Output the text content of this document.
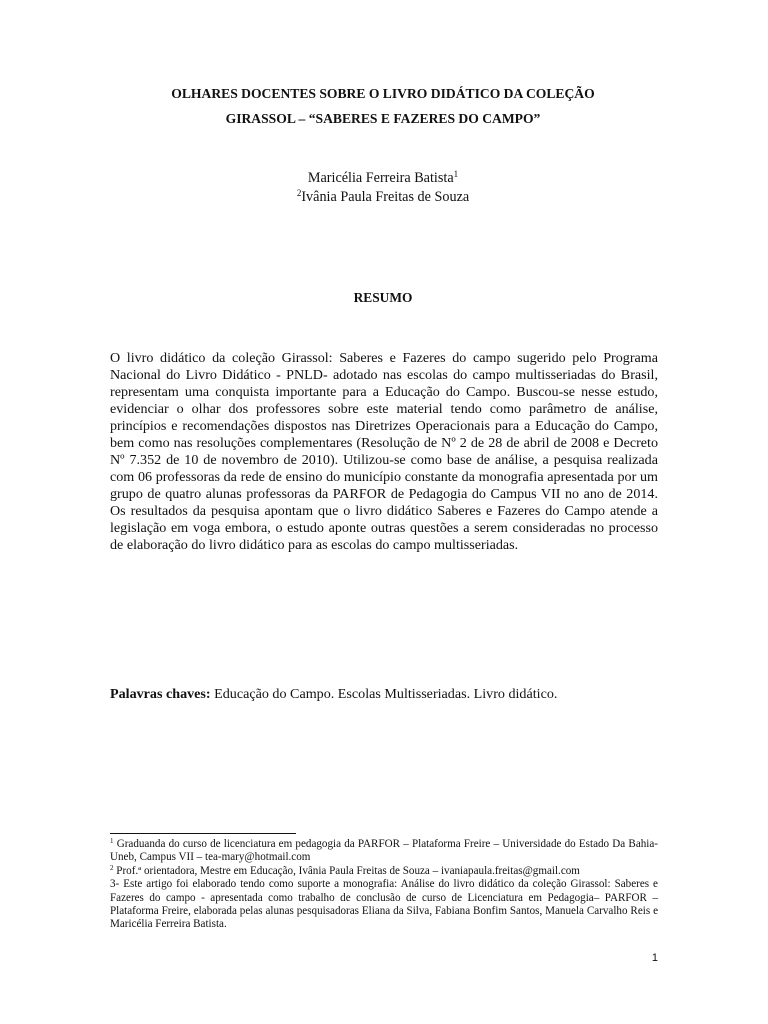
OLHARES DOCENTES SOBRE O LIVRO DIDÁTICO DA COLEÇÃO
GIRASSOL – “SABERES E FAZERES DO CAMPO”
Maricélia Ferreira Batista$^1$
$^2$Ivânia Paula Freitas de Souza
RESUMO

O livro didático da coleção Girassol: Saberes e Fazeres do campo sugerido pelo Programa Nacional do Livro Didático - PNLD- adotado nas escolas do campo multisseriadas do Brasil, representam uma conquista importante para a Educação do Campo. Buscou-se nesse estudo, evidenciar o olhar dos professores sobre este material tendo como parâmetro de análise, princípios e recomendações dispostos nas Diretrizes Operacionais para a Educação do Campo, bem como nas resoluções complementares (Resolução de Nº 2 de 28 de abril de 2008 e Decreto Nº 7.352 de 10 de novembro de 2010). Utilizou-se como base de análise, a pesquisa realizada com 06 professoras da rede de ensino do município constante da monografia apresentada por um grupo de quatro alunas professoras da PARFOR de Pedagogia do Campus VII no ano de 2014. Os resultados da pesquisa apontam que o livro didático Saberes e Fazeres do Campo atende a legislação em voga embora, o estudo aponte outras questões a serem consideradas no processo de elaboração do livro didático para as escolas do campo multisseriadas.

Palavras chaves: Educação do Campo. Escolas Multisseriadas. Livro didático.

$^1$ Graduanda do curso de licenciatura em pedagogia da PARFOR – Plataforma Freire – Universidade do Estado Da Bahia-Uneb, Campus VII – tea-mary@hotmail.com

$^2$ Prof.ª orientadora, Mestre em Educação, Ivânia Paula Freitas de Souza – ivaniapaula.freitas@gmail.com

3- Este artigo foi elaborado tendo como suporte a monografia: Análise do livro didático da coleção Girassol: Saberes e Fazeres do campo - apresentada como trabalho de conclusão de curso de Licenciatura em Pedagogia– PARFOR – Plataforma Freire, elaborada pelas alunas pesquisadoras Eliana da Silva, Fabiana Bonfim Santos, Manuela Carvalho Reis e Maricélia Ferreira Batista.

1
